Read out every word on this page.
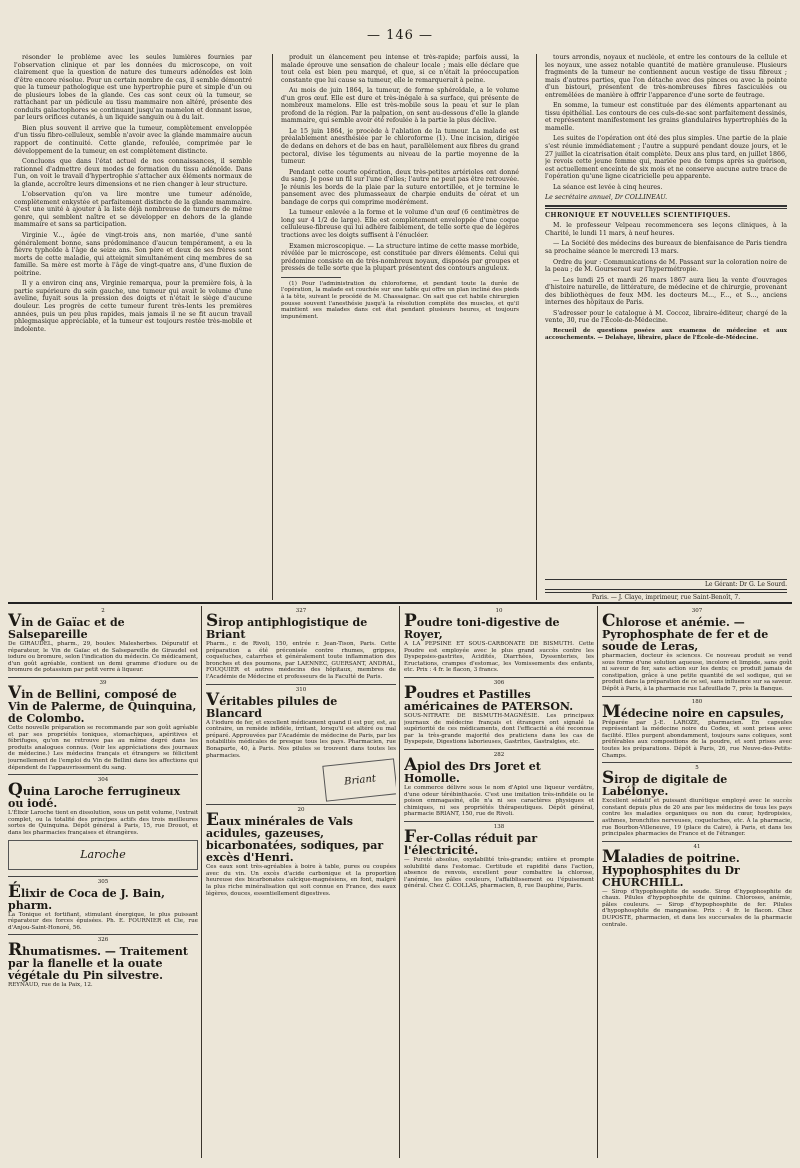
— 146 —

résonder le problème avec les seules lumières fournies par l'observation clinique et par les données du microscope, on voit clairement que la question de nature des tumeurs adénoïdes est loin d'être encore résolue. Pour un certain nombre de cas, il semble démontré que la tumeur pathologique est une hypertrophie pure et simple d'un ou de plusieurs lobes de la glande. Ces cas sont ceux où la tumeur, se rattachant par un pédicule au tissu mammaire non altéré, présente des conduits galactophores se continuant jusqu'au mamelon et donnant issue, par leurs orifices cutanés, à un liquide sanguin ou à du lait.

Bien plus souvent il arrive que la tumeur, complètement enveloppée d'un tissu fibro-celluleux, semble n'avoir avec la glande mammaire aucun rapport de continuité. Cette glande, refoulée, comprimée par le développement de la tumeur, en est complètement distincte.

Concluons que dans l'état actuel de nos connaissances, il semble rationnel d'admettre deux modes de formation du tissu adénoïde. Dans l'un, on voit le travail d'hypertrophie s'attacher aux éléments normaux de la glande, accroître leurs dimensions et ne rien changer à leur structure.

L'observation qu'on va lire montre une tumeur adénoïde, complètement enkystée et parfaitement distincte de la glande mammaire. C'est une unité à ajouter à la liste déjà nombreuse de tumeurs de même genre, qui semblent naître et se développer en dehors de la glande mammaire et sans sa participation.

Virginie V..., âgée de vingt-trois ans, non mariée, d'une santé généralement bonne, sans prédominance d'aucun tempérament, a eu la fièvre typhoïde à l'âge de seize ans. Son père et deux de ses frères sont morts de cette maladie, qui atteignit simultanément cinq membres de sa famille. Sa mère est morte à l'âge de vingt-quatre ans, d'une fluxion de poitrine.

Il y a environ cinq ans, Virginie remarqua, pour la première fois, à la partie supérieure du sein gauche, une tumeur qui avait le volume d'une aveline, fuyait sous la pression des doigts et n'était le siège d'aucune douleur. Les progrès de cette tumeur furent très-lents les premières années, puis un peu plus rapides, mais jamais il ne se fit aucun travail phlegmasique appréciable, et la tumeur est toujours restée très-mobile et indolente.

produit un élancement peu intense et très-rapide; parfois aussi, la malade éprouve une sensation de chaleur locale ; mais elle déclare que tout cela est bien peu marqué, et que, si ce n'était la préoccupation constante que lui cause sa tumeur, elle le remarquerait à peine.

Au mois de juin 1864, la tumeur, de forme sphéroïdale, a le volume d'un gros œuf. Elle est dure et très-inégale à sa surface, qui présente de nombreux mamelons. Elle est très-mobile sous la peau et sur le plan profond de la région. Par la palpation, on sent au-dessous d'elle la glande mammaire, qui semble avoir été refoulée à la partie la plus déclive.

Le 15 juin 1864, je procède à l'ablation de la tumeur. La malade est préalablement anesthésiée par le chloroforme (1). Une incision, dirigée de dedans en dehors et de bas en haut, parallèlement aux fibres du grand pectoral, divise les téguments au niveau de la partie moyenne de la tumeur.

Pendant cette courte opération, deux très-petites artérioles ont donné du sang. Je pose un fil sur l'une d'elles; l'autre ne peut pas être retrouvée. Je réunis les bords de la plaie par la suture entortillée, et je termine le pansement avec des plumasseaux de charpie enduits de cérat et un bandage de corps qui comprime modérément.

La tumeur enlevée a la forme et le volume d'un œuf (6 centimètres de long sur 4 1/2 de large). Elle est complètement enveloppée d'une coque celluleuse-fibreuse qui lui adhère faiblement, de telle sorte que de légères tractions avec les doigts suffisent à l'énucléer.

Examen microscopique. — La structure intime de cette masse morbide, révélée par le microscope, est constituée par divers éléments. Celui qui prédomine consiste en de très-nombreux noyaux, disposés par groupes et pressés de telle sorte que la plupart présentent des contours anguleux.

(1) Pour l'administration du chloroforme, et pendant toute la durée de l'opération, la malade est couchée sur une table qui offre un plan incliné des pieds à la tête, suivant le procédé de M. Chassaignac. On sait que cet habile chirurgien pousse souvent l'anesthésie jusqu'à la résolution complète des muscles, et qu'il maintient ses malades dans cet état pendant plusieurs heures, et toujours impunément.

tours arrondis, noyaux et nucléole, et entre les contours de la cellule et les noyaux, une assez notable quantité de matière granuleuse. Plusieurs fragments de la tumeur ne contiennent aucun vestige de tissu fibreux ; mais d'autres parties, que l'on détache avec des pinces ou avec la pointe d'un bistouri, présentent de très-nombreuses fibres fasciculées ou entremêlées de manière à offrir l'apparence d'une sorte de feutrage.

En somme, la tumeur est constituée par des éléments appartenant au tissu épithélial. Les contours de ces culs-de-sac sont parfaitement dessinés, et représentent manifestement les grains glandulaires hypertrophiés de la mamelle.

Les suites de l'opération ont été des plus simples. Une partie de la plaie s'est réunie immédiatement ; l'autre a suppuré pendant douze jours, et le 27 juillet la cicatrisation était complète. Deux ans plus tard, en juillet 1866, je revois cette jeune femme qui, mariée peu de temps après sa guérison, est actuellement enceinte de six mois et ne conserve aucune autre trace de l'opération qu'une ligne cicatricielle peu apparente.

La séance est levée à cinq heures.

Le secrétaire annuel, Dr COLLINEAU.

CHRONIQUE ET NOUVELLES SCIENTIFIQUES.

M. le professeur Velpeau recommencera ses leçons cliniques, à la Charité, le lundi 11 mars, à neuf heures.

— La Société des médecins des bureaux de bienfaisance de Paris tiendra sa prochaine séance le mercredi 13 mars.

Ordre du jour : Communications de M. Passant sur la coloration noire de la peau ; de M. Gourseraut sur l'hypermétropie.

— Les lundi 25 et mardi 26 mars 1867 aura lieu la vente d'ouvrages d'histoire naturelle, de littérature, de médecine et de chirurgie, provenant des bibliothèques de feux MM. les docteurs M..., F..., et S..., anciens internes des hôpitaux de Paris.

S'adresser pour le catalogue à M. Coccoz, libraire-éditeur, chargé de la vente, 30, rue de l'École-de-Médecine.

Recueil de questions posées aux examens de médecine et aux accouchements. — Delahaye, libraire, place de l'École-de-Médecine.

Le Gérant: Dr G. Le Sourd.
Paris. — J. Claye, imprimeur, rue Saint-Benoît, 7.
2
Vin de Gaïac et de Salsepareille
De GIRAUDEL, pharm., 29, boulev. Malesherbes. Dépuratif et réparateur, le Vin de Gaïac et de Salsepareille de Giraudel est iodure ou bromure, selon l'indication du médecin. Ce médicament, d'un goût agréable, contient un demi gramme d'iodure ou de bromure de potassium par petit verre à liqueur.
39
Vin de Bellini, composé de Vin de Palerme, de Quinquina, de Colombo.
Cette nouvelle préparation se recommande par son goût agréable et par ses propriétés toniques, stomachiques, apéritives et fébrifuges, qu'on ne retrouve pas au même degré dans les produits analogues connus. (Voir les appréciations des journaux de médecine.) Les médecins français et étrangers se félicitent journellement de l'emploi du Vin de Bellini dans les affections qui dépendent de l'appauvrissement du sang.
304
Quina Laroche ferrugineux ou iodé.
L'Élixir Laroche tient en dissolution, sous un petit volume, l'extrait complet, ou la totalité des principes actifs des trois meilleures sortes de Quinquina. Dépôt général à Paris, 15, rue Drouot, et dans les pharmacies françaises et étrangères.
Laroche
305
Élixir de Coca de J. Bain, pharm.
La Tonique et fortifiant, stimulant énergique, le plus puissant réparateur des forces épuisées. Ph. E. FOURNIER et Cie, rue d'Anjou-Saint-Honoré, 56.
326
Rhumatismes. — Traitement par la flanelle et la ouate végétale du Pin silvestre.
REYNAUD, rue de la Paix, 12.
327
Sirop antiphlogistique de Briant
Pharm., r. de Rivoli, 150, entrée r. Jean-Tison, Paris. Cette préparation a été préconisée contre rhumes, grippes, coqueluches, catarrhes et généralement toute inflammation des bronches et des poumons, par LAENNEC, GUERSANT, ANDRAL, FOUQUIER et autres médecins des hôpitaux, membres de l'Académie de Médecine et professeurs de la Faculté de Paris.
310
Véritables pilules de Blancard
A l'iodure de fer, et excellent médicament quand il est pur, est, au contraire, un remède infidèle, irritant, lorsqu'il est altéré ou mal préparé. Approuvées par l'Académie de médecine de Paris, par les notabilités médicales de presque tous les pays. Pharmacien, rue Bonaparte, 40, à Paris. Nos pilules se trouvent dans toutes les pharmacies.
Briant
20
Eaux minérales de Vals acidules, gazeuses, bicarbonatées, sodiques, par excès d'Henri.
Ces eaux sont très-agréables à boire à table, pures ou coupées avec du vin. Un excès d'acide carbonique et la proportion heureuse des bicarbonates calcique-magnésiens, en font, malgré la plus riche minéralisation qui soit connue en France, des eaux légères, douces, essentiellement digestives.
10
Poudre toni-digestive de Royer,
A LA PEPSINE ET SOUS-CARBONATE DE BISMUTH. Cette Poudre est employée avec le plus grand succès contre les Dyspepsies-gastrites, Acidités, Diarrhées, Dyssenteries, les Eructations, crampes d'estomac, les Vomissements des enfants, etc. Prix : 4 fr. le flacon, 3 francs.
306
Poudres et Pastilles américaines de PATERSON.
SOUS-NITRATE DE BISMUTH-MAGNÉSIE. Les principaux journaux de médecine français et étrangers ont signalé la supériorité de ces médicaments, dont l'efficacité a été reconnue par la très-grande majorité des praticiens dans les cas de Dyspepsie, Digestions laborieuses, Gastrites, Gastralgies, etc.
282
Apiol des Drs Joret et Homolle.
Le commerce délivre sous le nom d'Apiol une liqueur verdâtre, d'une odeur térébinthacée. C'est une imitation très-infidèle ou le poison emmagasiné, elle n'a ni ses caractères physiques et chimiques, ni ses propriétés thérapeutiques. Dépôt général, pharmacie BRIANT, 150, rue de Rivoli.
138
Fer-Collas réduit par l'électricité.
— Pureté absolue, oxydabilité très-grande; entière et prompte solubilité dans l'estomac. Certitude et rapidité dans l'action, absence de renvois, excellent pour combattre la chlorose, l'anémie, les pâles couleurs, l'affaiblissement ou l'épuisement général. Chez C. COLLAS, pharmacien, 8, rue Dauphine, Paris.
307
Chlorose et anémie. — Pyrophosphate de fer et de soude de Leras,
pharmacien, docteur ès sciences. Ce nouveau produit se vend sous forme d'une solution aqueuse, incolore et limpide, sans goût ni saveur de fer, sans action sur les dents; ce produit jamais de constipation, grâce à une petite quantité de sel sodique, qui se produit dans la préparation de ce sel, sans influence sur sa saveur. Dépôt à Paris, à la pharmacie rue Lafeuillade 7, près la Banque.
180
Médecine noire en capsules,
Préparée par J.-E. LAROZE, pharmacien. En capsules représentant la médecine noire du Codex, et sont prises avec facilité. Elles purgent abondamment, toujours sans coliques, sont préférables aux compositions de la poudre, et sont prises avec toutes les préparations. Dépôt à Paris, 26, rue Neuve-des-Petits-Champs.
5
Sirop de digitale de Labélonye.
Excellent sédatif et puissant diurétique employé avec le succès constant depuis plus de 20 ans par les médecins de tous les pays contre les maladies organiques ou non du cœur, hydropisies, asthmes, bronchites nerveuses, coqueluches, etc. À la pharmacie, rue Bourbon-Villeneuve, 19 (place du Caire), à Paris, et dans les principales pharmacies de France et de l'étranger.
41
Maladies de poitrine. Hypophosphites du Dr CHURCHILL.
— Sirop d'hypophosphite de soude. Sirop d'hypophosphite de chaux. Pilules d'hypophosphite de quinine. Chloroses, anémie, pâles couleurs. — Sirop d'hypophosphite de fer. Pilules d'hypophosphite de manganèse. Prix : 4 fr. le flacon. Chez DUPOSTE, pharmacien, et dans les succursales de la pharmacie centrale.
